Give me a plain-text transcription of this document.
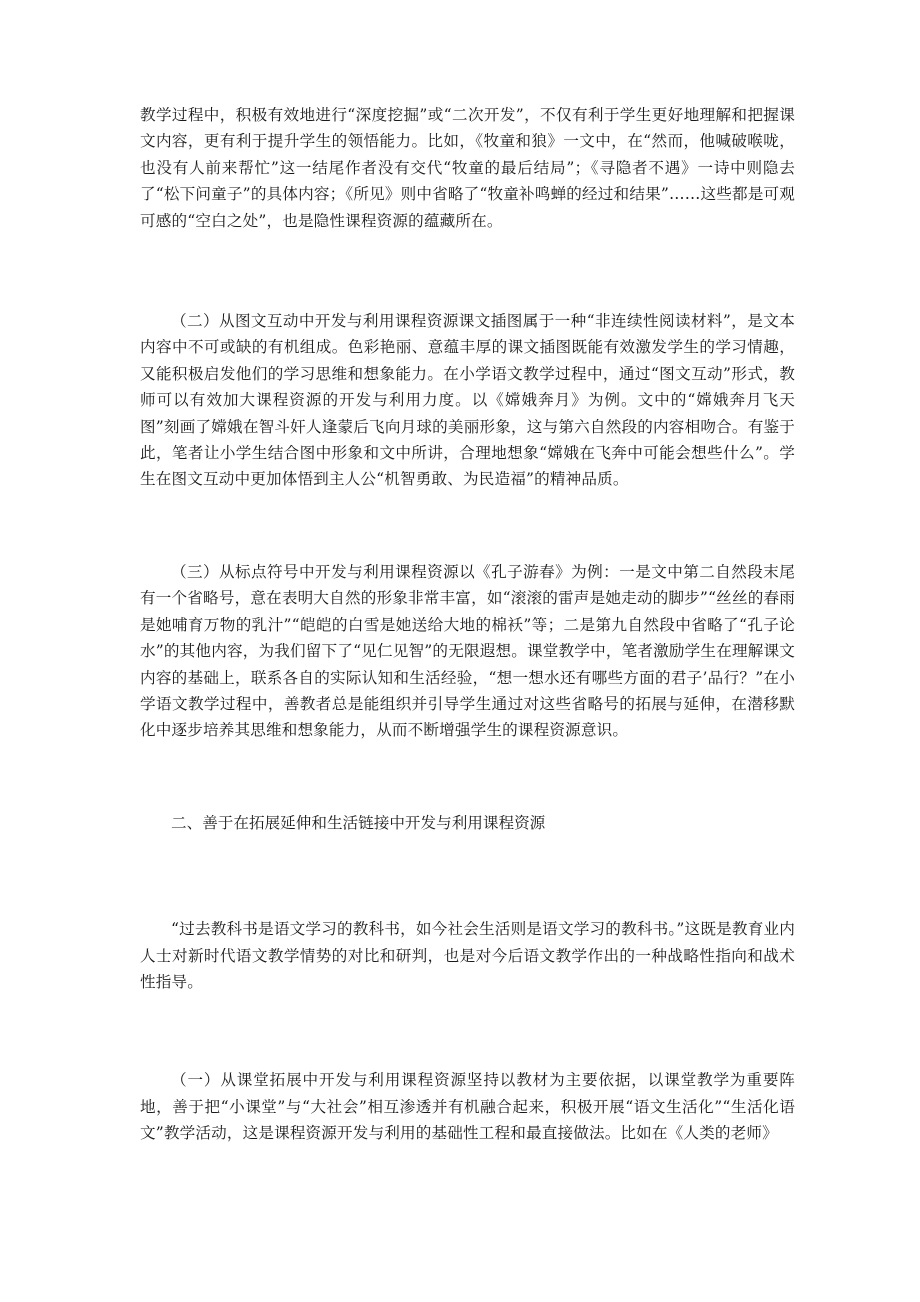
教学过程中，积极有效地进行“深度挖掘”或“二次开发”，不仅有利于学生更好地理解和把握课文内容，更有利于提升学生的领悟能力。比如，《牧童和狼》一文中，在“然而，他喊破喉咙，也没有人前来帮忙”这一结尾作者没有交代“牧童的最后结局”；《寻隐者不遇》一诗中则隐去了“松下问童子”的具体内容；《所见》则中省略了“牧童补鸣蝉的经过和结果”……这些都是可观可感的“空白之处”，也是隐性课程资源的蕴藏所在。

（二）从图文互动中开发与利用课程资源课文插图属于一种“非连续性阅读材料”，是文本内容中不可或缺的有机组成。色彩艳丽、意蕴丰厚的课文插图既能有效激发学生的学习情趣，又能积极启发他们的学习思维和想象能力。在小学语文教学过程中，通过“图文互动”形式，教师可以有效加大课程资源的开发与利用力度。以《嫦娥奔月》为例。文中的“嫦娥奔月飞天图”刻画了嫦娥在智斗奸人逢蒙后飞向月球的美丽形象，这与第六自然段的内容相吻合。有鉴于此，笔者让小学生结合图中形象和文中所讲，合理地想象“嫦娥在飞奔中可能会想些什么”。学生在图文互动中更加体悟到主人公“机智勇敢、为民造福”的精神品质。

（三）从标点符号中开发与利用课程资源以《孔子游春》为例：一是文中第二自然段末尾有一个省略号，意在表明大自然的形象非常丰富，如“滚滚的雷声是她走动的脚步”“丝丝的春雨是她哺育万物的乳汁”“皑皑的白雪是她送给大地的棉袄”等；二是第九自然段中省略了“孔子论水”的其他内容，为我们留下了“见仁见智”的无限遐想。课堂教学中，笔者激励学生在理解课文内容的基础上，联系各自的实际认知和生活经验，“想一想水还有哪些方面的君子’品行？”在小学语文教学过程中，善教者总是能组织并引导学生通过对这些省略号的拓展与延伸，在潜移默化中逐步培养其思维和想象能力，从而不断增强学生的课程资源意识。

二、善于在拓展延伸和生活链接中开发与利用课程资源

“过去教科书是语文学习的教科书，如今社会生活则是语文学习的教科书。”这既是教育业内人士对新时代语文教学情势的对比和研判，也是对今后语文教学作出的一种战略性指向和战术性指导。

（一）从课堂拓展中开发与利用课程资源坚持以教材为主要依据，以课堂教学为重要阵地，善于把“小课堂”与“大社会”相互渗透并有机融合起来，积极开展“语文生活化”“生活化语文”教学活动，这是课程资源开发与利用的基础性工程和最直接做法。比如在《人类的老师》
